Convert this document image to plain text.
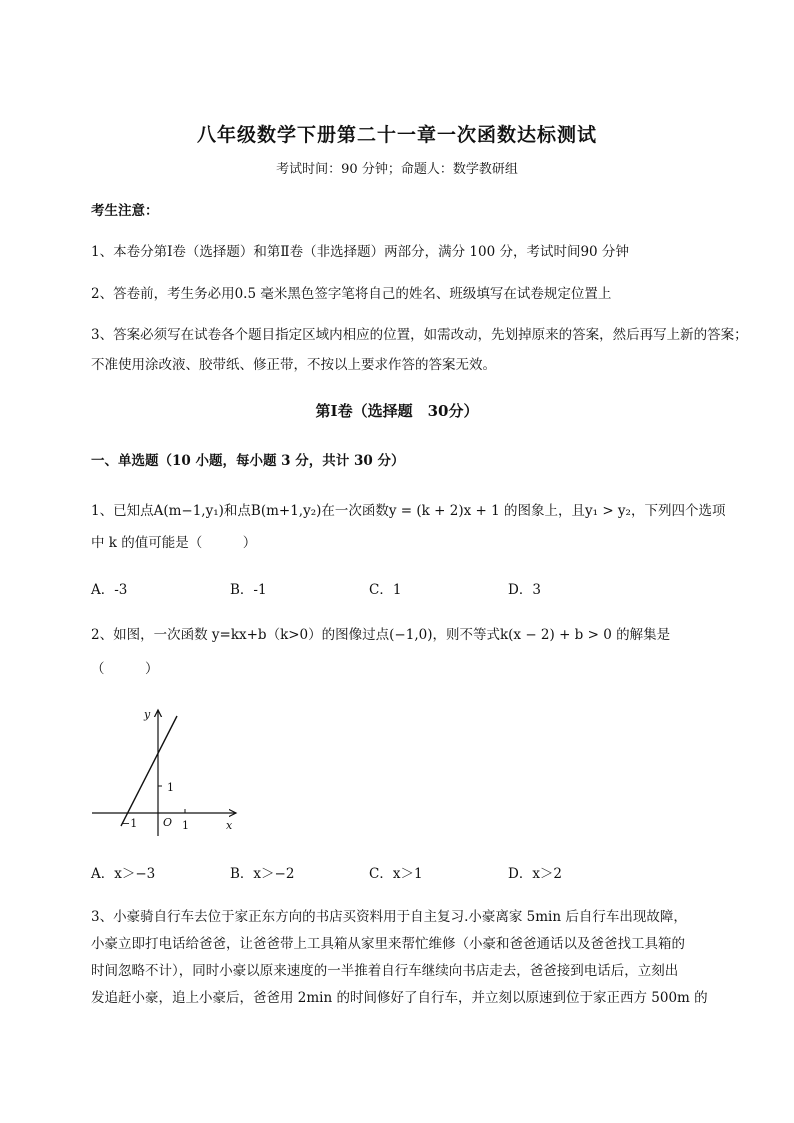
八年级数学下册第二十一章一次函数达标测试
考试时间：90 分钟；命题人：数学教研组
考生注意：
1、本卷分第Ⅰ卷（选择题）和第Ⅱ卷（非选择题）两部分，满分 100 分，考试时间90 分钟
2、答卷前，考生务必用0.5 毫米黑色签字笔将自己的姓名、班级填写在试卷规定位置上
3、答案必须写在试卷各个题目指定区域内相应的位置，如需改动，先划掉原来的答案，然后再写上新的答案；不准使用涂改液、胶带纸、修正带，不按以上要求作答的答案无效。
第Ⅰ卷（选择题　30分）
一、单选题（10 小题，每小题 3 分，共计 30 分）
1、已知点A(m−1,y₁)和点B(m+1,y₂)在一次函数y = (k + 2)x + 1 的图象上，且y₁ > y₂，下列四个选项
中 k 的值可能是（　　　）
A．-3	B．-1	C．1	D．3
2、如图，一次函数 y=kx+b（k>0）的图像过点(−1,0)，则不等式k(x − 2) + b > 0 的解集是
（　　　）
y
x
O
1
1
−1
A．x＞−3	B．x＞−2	C．x＞1	D．x＞2
3、小豪骑自行车去位于家正东方向的书店买资料用于自主复习.小豪离家 5min 后自行车出现故障，
小豪立即打电话给爸爸，让爸爸带上工具箱从家里来帮忙维修（小豪和爸爸通话以及爸爸找工具箱的
时间忽略不计），同时小豪以原来速度的一半推着自行车继续向书店走去，爸爸接到电话后，立刻出
发追赶小豪，追上小豪后，爸爸用 2min 的时间修好了自行车，并立刻以原速到位于家正西方 500m 的
